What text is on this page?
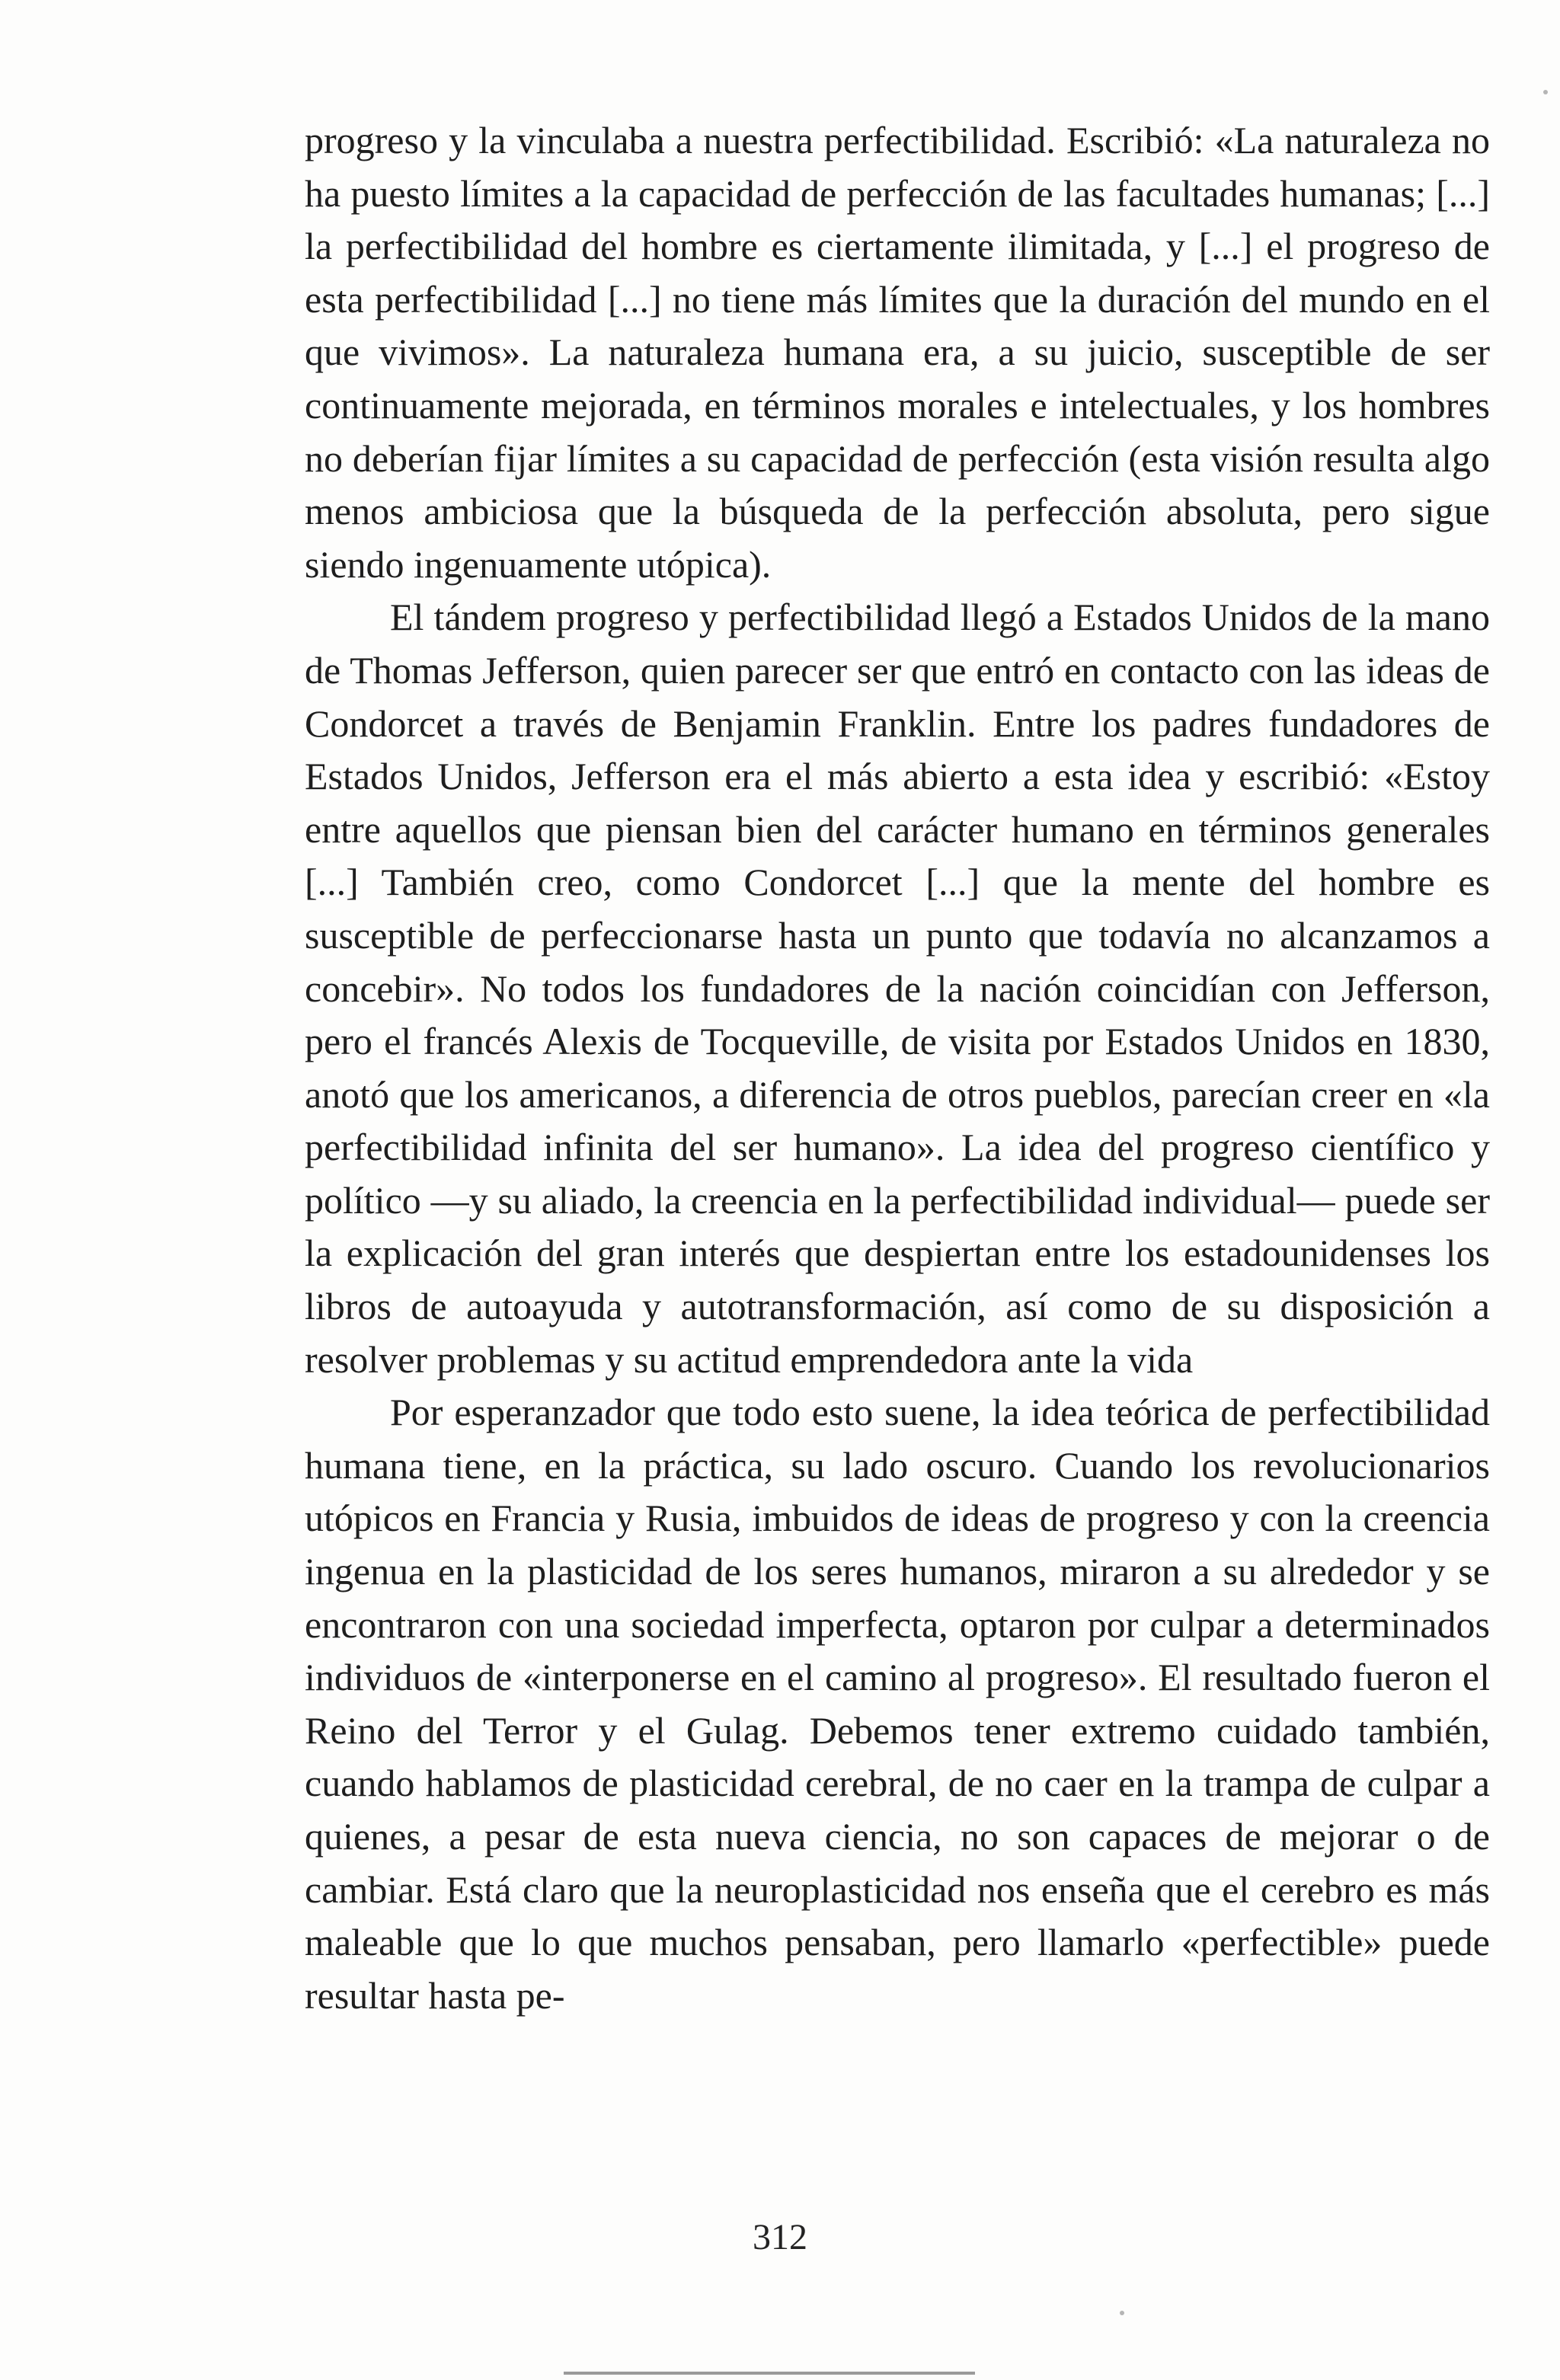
progreso y la vinculaba a nuestra perfectibilidad. Escribió: «La naturaleza no ha puesto límites a la capacidad de perfección de las facultades humanas; [...] la perfectibilidad del hombre es ciertamente ilimitada, y [...] el progreso de esta perfectibilidad [...] no tiene más límites que la duración del mundo en el que vivimos». La naturaleza humana era, a su juicio, susceptible de ser continuamente mejorada, en términos morales e intelectuales, y los hombres no deberían fijar límites a su capacidad de perfección (esta visión resulta algo menos ambiciosa que la búsqueda de la perfección absoluta, pero sigue siendo ingenuamente utópica).

El tándem progreso y perfectibilidad llegó a Estados Unidos de la mano de Thomas Jefferson, quien parecer ser que entró en contacto con las ideas de Condorcet a través de Benjamin Franklin. Entre los padres fundadores de Estados Unidos, Jefferson era el más abierto a esta idea y escribió: «Estoy entre aquellos que piensan bien del carácter humano en términos generales [...] También creo, como Condorcet [...] que la mente del hombre es susceptible de perfeccionarse hasta un punto que todavía no alcanzamos a concebir». No todos los fundadores de la nación coincidían con Jefferson, pero el francés Alexis de Tocqueville, de visita por Estados Unidos en 1830, anotó que los americanos, a diferencia de otros pueblos, parecían creer en «la perfectibilidad infinita del ser humano». La idea del progreso científico y político —y su aliado, la creencia en la perfectibilidad individual— puede ser la explicación del gran interés que despiertan entre los estadounidenses los libros de autoayuda y autotransformación, así como de su disposición a resolver problemas y su actitud emprendedora ante la vida

Por esperanzador que todo esto suene, la idea teórica de perfectibilidad humana tiene, en la práctica, su lado oscuro. Cuando los revolucionarios utópicos en Francia y Rusia, imbuidos de ideas de progreso y con la creencia ingenua en la plasticidad de los seres humanos, miraron a su alrededor y se encontraron con una sociedad imperfecta, optaron por culpar a determinados individuos de «interponerse en el camino al progreso». El resultado fueron el Reino del Terror y el Gulag. Debemos tener extremo cuidado también, cuando hablamos de plasticidad cerebral, de no caer en la trampa de culpar a quienes, a pesar de esta nueva ciencia, no son capaces de mejorar o de cambiar. Está claro que la neuroplasticidad nos enseña que el cerebro es más maleable que lo que muchos pensaban, pero llamarlo «perfectible» puede resultar hasta pe-

312
